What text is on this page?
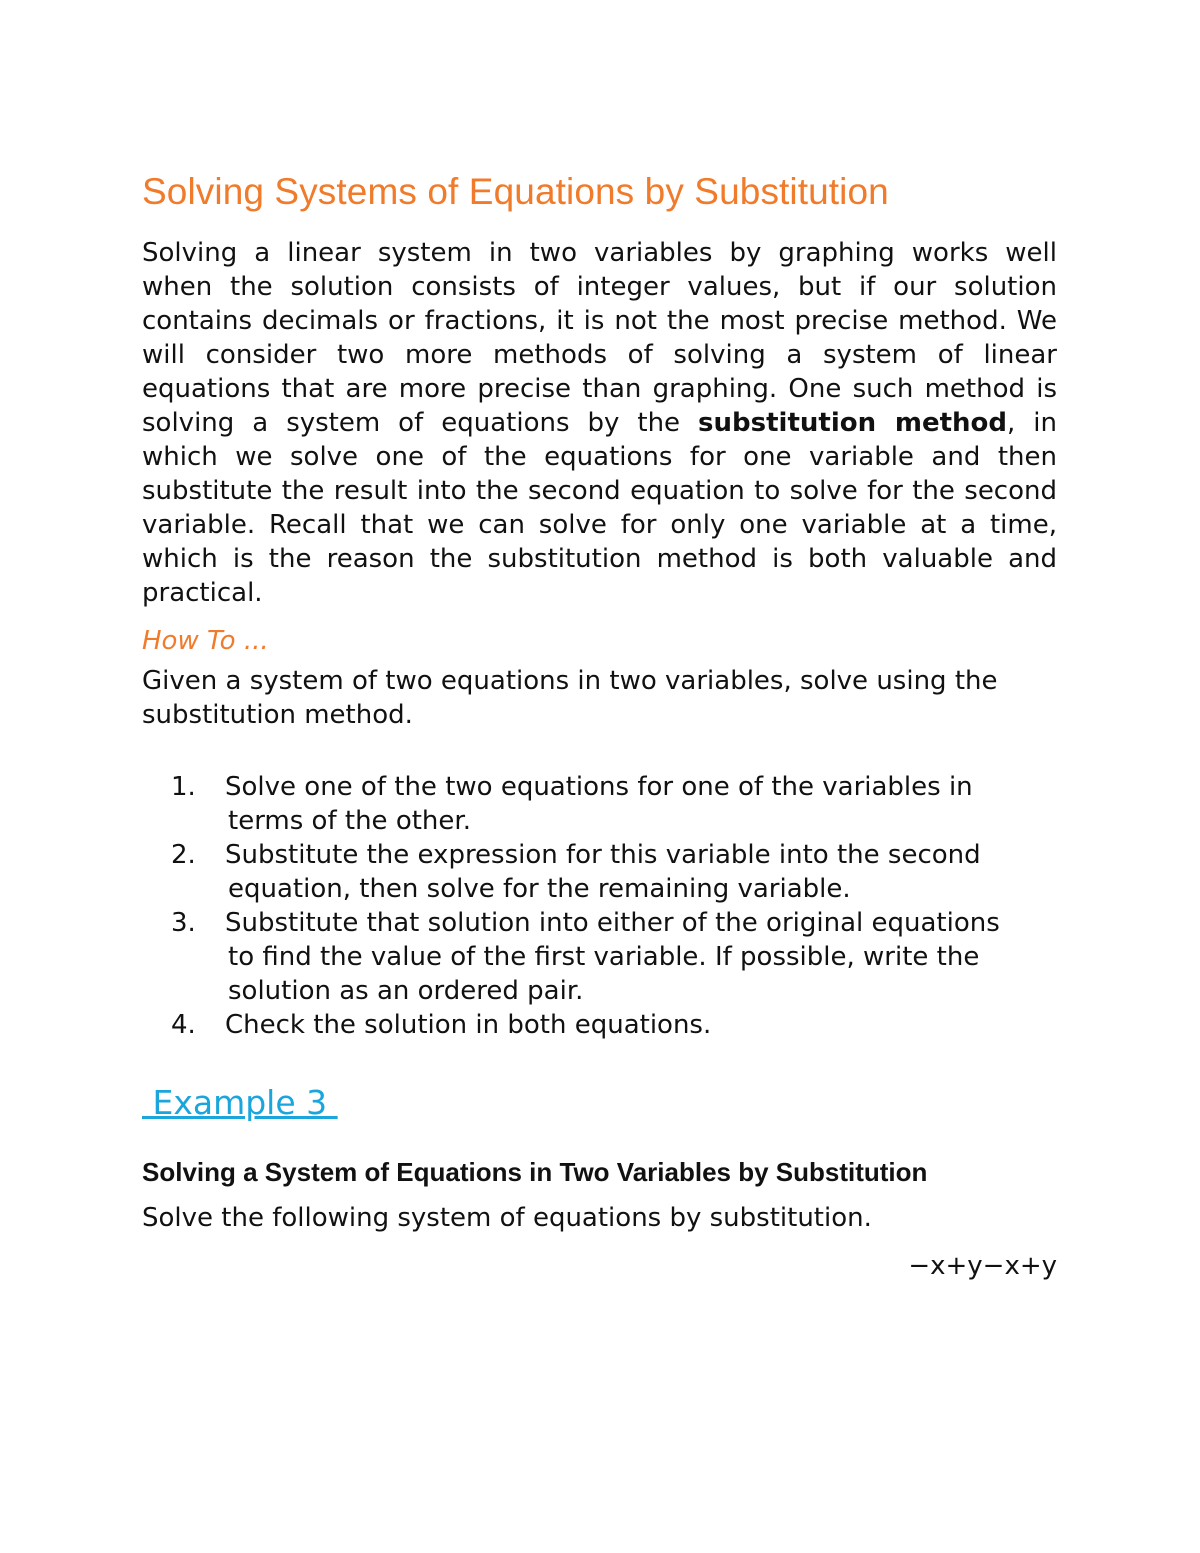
Solving Systems of Equations by Substitution

Solving a linear system in two variables by graphing works well when the solution consists of integer values, but if our solution contains decimals or fractions, it is not the most precise method. We will consider two more methods of solving a system of linear equations that are more precise than graphing. One such method is solving a system of equations by the substitution method, in which we solve one of the equations for one variable and then substitute the result into the second equation to solve for the second variable. Recall that we can solve for only one variable at a time, which is the reason the substitution method is both valuable and practical.

How To ...

Given a system of two equations in two variables, solve using the substitution method.

1. Solve one of the two equations for one of the variables in terms of the other.
2. Substitute the expression for this variable into the second equation, then solve for the remaining variable.
3. Substitute that solution into either of the original equations to find the value of the first variable. If possible, write the solution as an ordered pair.
4. Check the solution in both equations.
Example 3
Solving a System of Equations in Two Variables by Substitution

Solve the following system of equations by substitution.

−x+y−x+y
